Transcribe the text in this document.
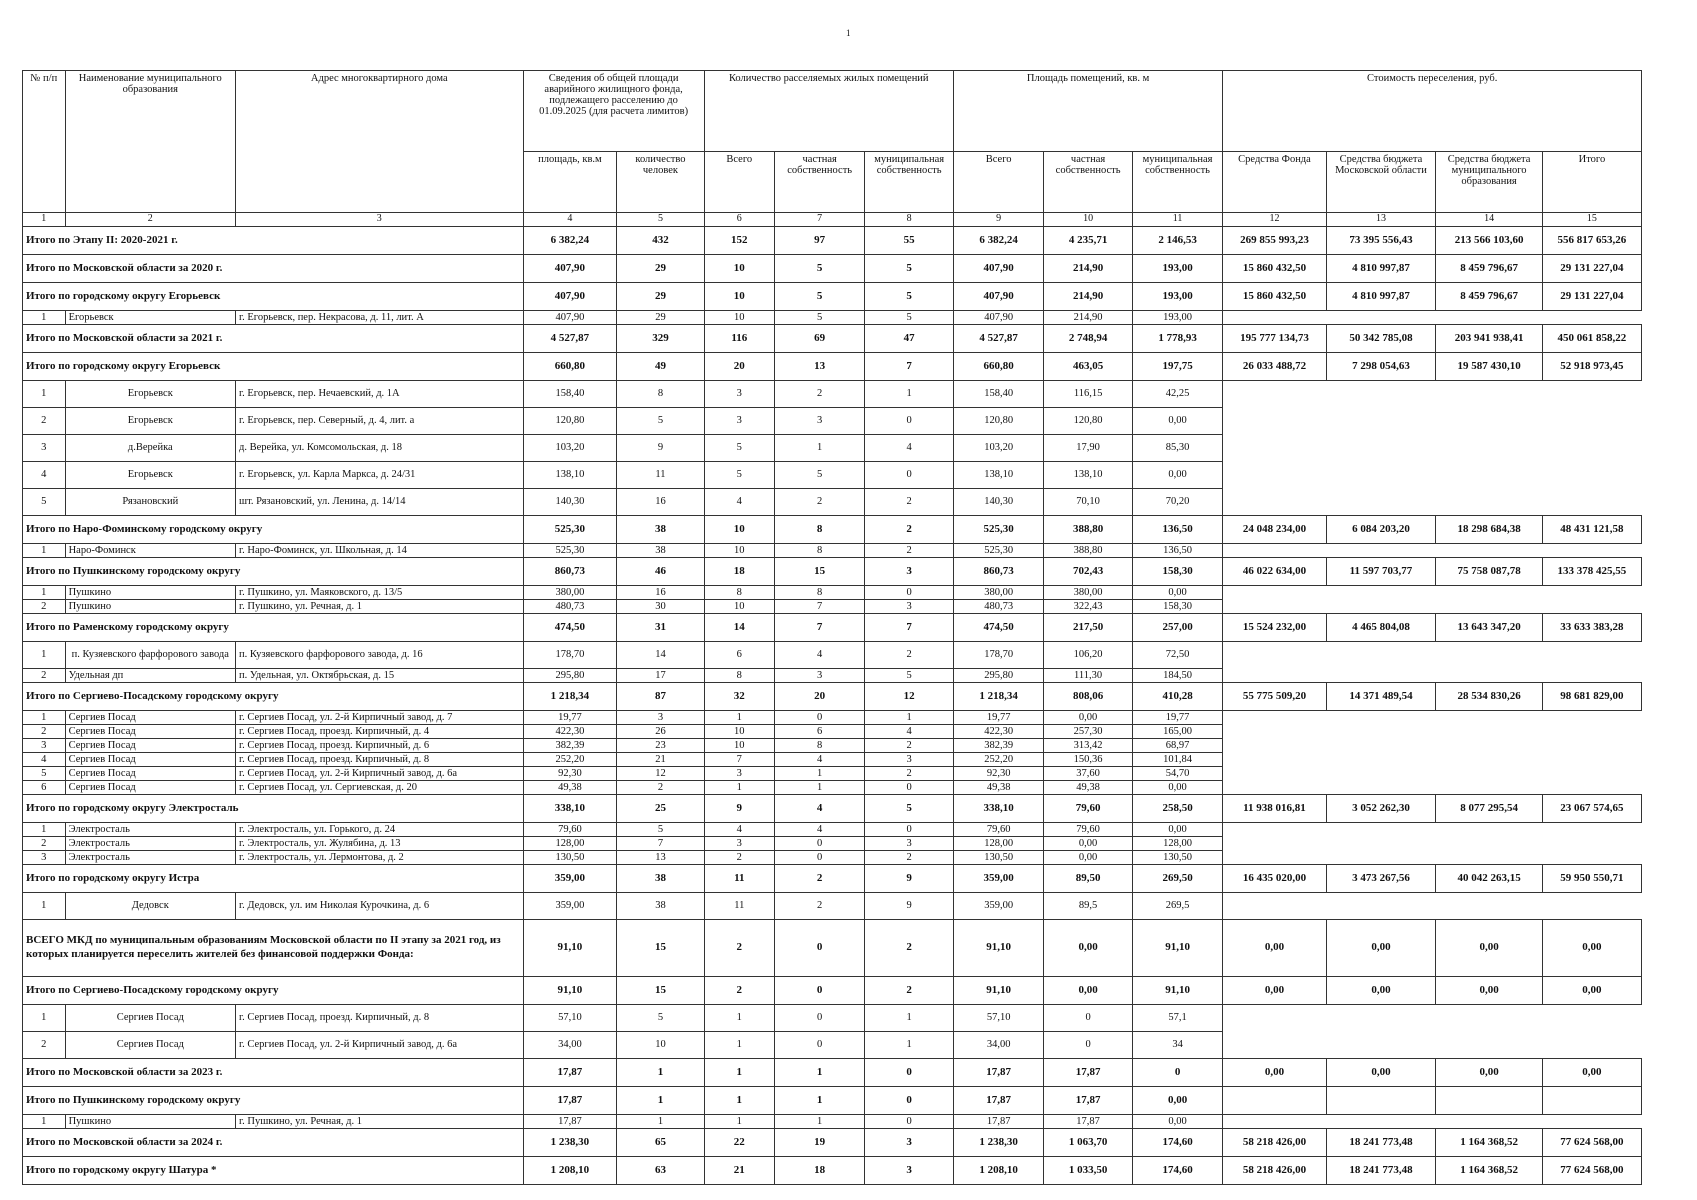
1
№ п/п	Наименование муниципального образования	Адрес многоквартирного дома	Сведения об общей площади аварийного жилищного фонда, подлежащего расселению до 01.09.2025 (для расчета лимитов)		Количество расселяемых жилых помещений			Площадь помещений, кв. м			Стоимость переселения, руб.			
			площадь, кв.м	количество человек	Всего	частная собственность	муниципальная собственность	Всего	частная собственность	муниципальная собственность	Средства Фонда	Средства бюджета Московской области	Средства бюджета муниципального образования	Итого
1	2	3	4	5	6	7	8	9	10	11	12	13	14	15
Итого по Этапу II: 2020-2021 г.			6 382,24	432	152	97	55	6 382,24	4 235,71	2 146,53	269 855 993,23	73 395 556,43	213 566 103,60	556 817 653,26
Итого по Московской области за 2020 г.			407,90	29	10	5	5	407,90	214,90	193,00	15 860 432,50	4 810 997,87	8 459 796,67	29 131 227,04
Итого по городскому округу Егорьевск			407,90	29	10	5	5	407,90	214,90	193,00	15 860 432,50	4 810 997,87	8 459 796,67	29 131 227,04
1	Егорьевск	г. Егорьевск, пер. Некрасова, д. 11, лит. А	407,90	29	10	5	5	407,90	214,90	193,00				
Итого по Московской области за 2021 г.			4 527,87	329	116	69	47	4 527,87	2 748,94	1 778,93	195 777 134,73	50 342 785,08	203 941 938,41	450 061 858,22
Итого по городскому округу Егорьевск			660,80	49	20	13	7	660,80	463,05	197,75	26 033 488,72	7 298 054,63	19 587 430,10	52 918 973,45
1	Егорьевск	г. Егорьевск, пер. Нечаевский, д. 1А	158,40	8	3	2	1	158,40	116,15	42,25				
2	Егорьевск	г. Егорьевск, пер. Северный, д. 4, лит. а	120,80	5	3	3	0	120,80	120,80	0,00				
3	д.Верейка	д. Верейка, ул. Комсомольская, д. 18	103,20	9	5	1	4	103,20	17,90	85,30				
4	Егорьевск	г. Егорьевск, ул. Карла Маркса, д. 24/31	138,10	11	5	5	0	138,10	138,10	0,00				
5	Рязановский	шт. Рязановский, ул. Ленина, д. 14/14	140,30	16	4	2	2	140,30	70,10	70,20				
Итого по Наро-Фоминскому городскому округу			525,30	38	10	8	2	525,30	388,80	136,50	24 048 234,00	6 084 203,20	18 298 684,38	48 431 121,58
1	Наро-Фоминск	г. Наро-Фоминск, ул. Школьная, д. 14	525,30	38	10	8	2	525,30	388,80	136,50				
Итого по Пушкинскому городскому округу			860,73	46	18	15	3	860,73	702,43	158,30	46 022 634,00	11 597 703,77	75 758 087,78	133 378 425,55
1	Пушкино	г. Пушкино, ул. Маяковского, д. 13/5	380,00	16	8	8	0	380,00	380,00	0,00				
2	Пушкино	г. Пушкино, ул. Речная, д. 1	480,73	30	10	7	3	480,73	322,43	158,30				
Итого по Раменскому городскому округу			474,50	31	14	7	7	474,50	217,50	257,00	15 524 232,00	4 465 804,08	13 643 347,20	33 633 383,28
1	п. Кузяевского фарфорового завода	п. Кузяевского фарфорового завода, д. 16	178,70	14	6	4	2	178,70	106,20	72,50				
2	Удельная дп	п. Удельная, ул. Октябрьская, д. 15	295,80	17	8	3	5	295,80	111,30	184,50				
Итого по Сергиево-Посадскому городскому округу			1 218,34	87	32	20	12	1 218,34	808,06	410,28	55 775 509,20	14 371 489,54	28 534 830,26	98 681 829,00
1	Сергиев Посад	г. Сергиев Посад, ул. 2-й Кирпичный завод, д. 7	19,77	3	1	0	1	19,77	0,00	19,77				
2	Сергиев Посад	г. Сергиев Посад, проезд. Кирпичный, д. 4	422,30	26	10	6	4	422,30	257,30	165,00				
3	Сергиев Посад	г. Сергиев Посад, проезд. Кирпичный, д. 6	382,39	23	10	8	2	382,39	313,42	68,97				
4	Сергиев Посад	г. Сергиев Посад, проезд. Кирпичный, д. 8	252,20	21	7	4	3	252,20	150,36	101,84				
5	Сергиев Посад	г. Сергиев Посад, ул. 2-й Кирпичный завод, д. 6а	92,30	12	3	1	2	92,30	37,60	54,70				
6	Сергиев Посад	г. Сергиев Посад, ул. Сергиевская, д. 20	49,38	2	1	1	0	49,38	49,38	0,00				
Итого по городскому округу Электросталь			338,10	25	9	4	5	338,10	79,60	258,50	11 938 016,81	3 052 262,30	8 077 295,54	23 067 574,65
1	Электросталь	г. Электросталь, ул. Горького, д. 24	79,60	5	4	4	0	79,60	79,60	0,00				
2	Электросталь	г. Электросталь, ул. Жулябина, д. 13	128,00	7	3	0	3	128,00	0,00	128,00				
3	Электросталь	г. Электросталь, ул. Лермонтова, д. 2	130,50	13	2	0	2	130,50	0,00	130,50				
Итого по городскому округу Истра			359,00	38	11	2	9	359,00	89,50	269,50	16 435 020,00	3 473 267,56	40 042 263,15	59 950 550,71
1	Дедовск	г. Дедовск, ул. им Николая Курочкина, д. 6	359,00	38	11	2	9	359,00	89,5	269,5				
ВСЕГО МКД по муниципальным образованиям Московской области по II этапу за 2021 год, из которых планируется переселить жителей без финансовой поддержки Фонда:			91,10	15	2	0	2	91,10	0,00	91,10	0,00	0,00	0,00	0,00
Итого по Сергиево-Посадскому городскому округу			91,10	15	2	0	2	91,10	0,00	91,10	0,00	0,00	0,00	0,00
1	Сергиев Посад	г. Сергиев Посад, проезд. Кирпичный, д. 8	57,10	5	1	0	1	57,10	0	57,1				
2	Сергиев Посад	г. Сергиев Посад, ул. 2-й Кирпичный завод, д. 6а	34,00	10	1	0	1	34,00	0	34				
Итого по Московской области за 2023 г.			17,87	1	1	1	0	17,87	17,87	0	0,00	0,00	0,00	0,00
Итого по Пушкинскому городскому округу			17,87	1	1	1	0	17,87	17,87	0,00				
1	Пушкино	г. Пушкино, ул. Речная, д. 1	17,87	1	1	1	0	17,87	17,87	0,00				
Итого по Московской области за 2024 г.			1 238,30	65	22	19	3	1 238,30	1 063,70	174,60	58 218 426,00	18 241 773,48	1 164 368,52	77 624 568,00
Итого по городскому округу Шатура *			1 208,10	63	21	18	3	1 208,10	1 033,50	174,60	58 218 426,00	18 241 773,48	1 164 368,52	77 624 568,00
